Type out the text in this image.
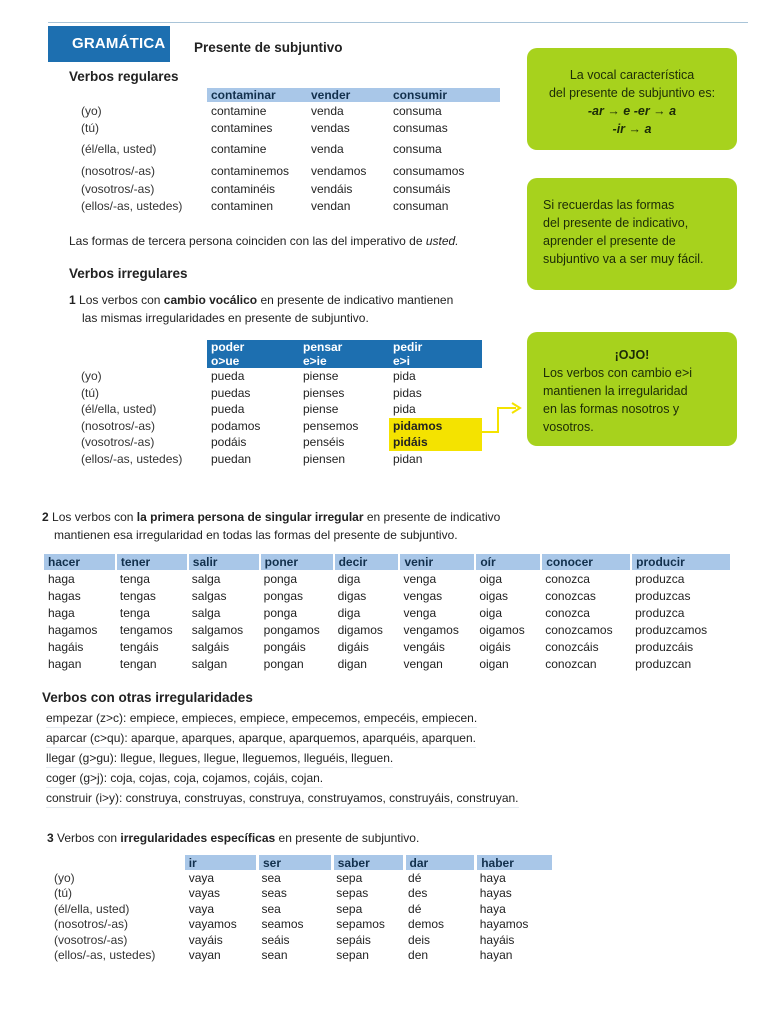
GRAMÁTICA	Presente de subjuntivo
Verbos regulares
	contaminar	vender	consumir
(yo)	contamine	venda	consuma
(tú)	contamines	vendas	consumas
(él/ella, usted)	contamine	venda	consuma
(nosotros/-as)	contaminemos	vendamos	consumamos
(vosotros/-as)	contaminéis	vendáis	consumáis
(ellos/-as, ustedes)	contaminen	vendan	consuman
Las formas de tercera persona coinciden con las del imperativo de usted.
Verbos irregulares
1 Los verbos con cambio vocálico en presente de indicativo mantienen
las mismas irregularidades en presente de subjuntivo.
	poder	pensar	pedir
	o>ue	e>ie	e>i
(yo)	pueda	piense	pida
(tú)	puedas	pienses	pidas
(él/ella, usted)	pueda	piense	pida
(nosotros/-as)	podamos	pensemos	pidamos
(vosotros/-as)	podáis	penséis	pidáis
(ellos/-as, ustedes)	puedan	piensen	pidan
La vocal característica
del presente de subjuntivo es:
-ar → e -er → a
-ir → a
Si recuerdas las formas
del presente de indicativo,
aprender el presente de
subjuntivo va a ser muy fácil.
¡OJO!
Los verbos con cambio e>i
mantienen la irregularidad
en las formas nosotros y
vosotros.
2 Los verbos con la primera persona de singular irregular en presente de indicativo
mantienen esa irregularidad en todas las formas del presente de subjuntivo.
hacer	tener	salir	poner	decir	venir	oír	conocer	producir
haga	tenga	salga	ponga	diga	venga	oiga	conozca	produzca
hagas	tengas	salgas	pongas	digas	vengas	oigas	conozcas	produzcas
haga	tenga	salga	ponga	diga	venga	oiga	conozca	produzca
hagamos	tengamos	salgamos	pongamos	digamos	vengamos	oigamos	conozcamos	produzcamos
hagáis	tengáis	salgáis	pongáis	digáis	vengáis	oigáis	conozcáis	produzcáis
hagan	tengan	salgan	pongan	digan	vengan	oigan	conozcan	produzcan
Verbos con otras irregularidades
empezar (z>c): empiece, empieces, empiece, empecemos, empecéis, empiecen.
aparcar (c>qu): aparque, aparques, aparque, aparquemos, aparquéis, aparquen.
llegar (g>gu): llegue, llegues, llegue, lleguemos, lleguéis, lleguen.
coger (g>j): coja, cojas, coja, cojamos, cojáis, cojan.
construir (i>y): construya, construyas, construya, construyamos, construyáis, construyan.
3 Verbos con irregularidades específicas en presente de subjuntivo.
	ir	ser	saber	dar	haber
(yo)	vaya	sea	sepa	dé	haya
(tú)	vayas	seas	sepas	des	hayas
(él/ella, usted)	vaya	sea	sepa	dé	haya
(nosotros/-as)	vayamos	seamos	sepamos	demos	hayamos
(vosotros/-as)	vayáis	seáis	sepáis	deis	hayáis
(ellos/-as, ustedes)	vayan	sean	sepan	den	hayan
